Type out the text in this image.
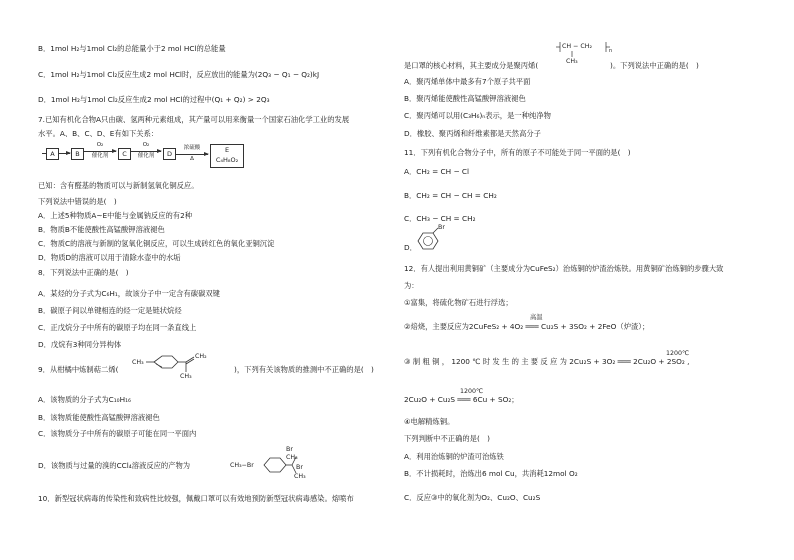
B．1mol H₂与1mol Cl₂的总能量小于2 mol HCl的总能量
C．1mol H₂与1mol Cl₂反应生成2 mol HCl时，反应放出的能量为(2Q₃ − Q₁ − Q₂)kJ
D．1mol H₂与1mol Cl₂反应生成2 mol HCl的过程中(Q₁ + Q₂) > 2Q₃
7.已知有机化合物A只由碳、氢两种元素组成，其产量可以用来衡量一个国家石油化学工业的发展
水平。A、B、C、D、E有如下关系：
A	B
O₂
催化剂	C
O₂
催化剂	D
浓硫酸
Δ
E
C₄H₈O₂
已知：含有醛基的物质可以与新制氢氧化铜反应。
下列说法中错误的是(　)
A．上述5种物质A~E中能与金属钠反应的有2种
B．物质B不能使酸性高锰酸钾溶液褪色
C．物质C的溶液与新制的氢氧化铜反应，可以生成砖红色的氧化亚铜沉淀
D．物质D的溶液可以用于清除水壶中的水垢
8．下列说法中正确的是(　)
A．某烃的分子式为C₆H₁，故该分子中一定含有碳碳双键
B．碳原子间以单键相连的烃一定是链状烷烃
C．正戊烷分子中所有的碳原子均在同一条直线上
D．戊烷有3种同分异构体
9．从柑橘中炼制萜二烯(
CH₃
CH₂
CH₃
)，下列有关该物质的推测中不正确的是(　)
A．该物质的分子式为C₁₀H₁₆
B．该物质能使酸性高锰酸钾溶液褪色
C．该物质分子中所有的碳原子可能在同一平面内
D．该物质与过量的溴的CCl₄溶液反应的产物为	CH₃−Br
Br
CH₃
Br
CH₃
10．新型冠状病毒的传染性和致病性比较强，佩戴口罩可以有效地预防新型冠状病毒感染。熔喷布
CH − CH₂
n
CH₃
是口罩的核心材料，其主要成分是聚丙烯(	)。下列说法中正确的是(　)
A．聚丙烯单体中最多有7个原子共平面
B．聚丙烯能使酸性高锰酸钾溶液褪色
C．聚丙烯可以用(C₃H₆)ₙ表示，是一种纯净物
D．橡胶、聚丙烯和纤维素都是天然高分子
11．下列有机化合物分子中，所有的原子不可能处于同一平面的是(　)
A．CH₂ = CH − Cl
B．CH₂ = CH − CH = CH₂
C．CH₃ − CH = CH₂
D．
Br
12．有人提出利用黄铜矿（主要成分为CuFeS₂）治炼铜的炉渣治炼铁。用黄铜矿治炼铜的步骤大致
为：
①富集，将硫化物矿石进行浮选；
高温
②焙烧，主要反应为2CuFeS₂ + 4O₂ ═══ Cu₂S + 3SO₂ + 2FeO（炉渣）；
1200℃
③ 制 粗 铜 ， 1200 ℃ 时 发 生 的 主 要 反 应 为 2Cu₂S + 3O₂ ═══ 2Cu₂O + 2SO₂ ,
1200℃
2Cu₂O + Cu₂S ═══ 6Cu + SO₂；
④电解精炼铜。
下列判断中不正确的是(　)
A．利用治炼铜的炉渣可治炼铁
B．不计损耗时，治炼出6 mol Cu，共消耗12mol O₂
C．反应③中的氧化剂为O₂、Cu₂O、Cu₂S
